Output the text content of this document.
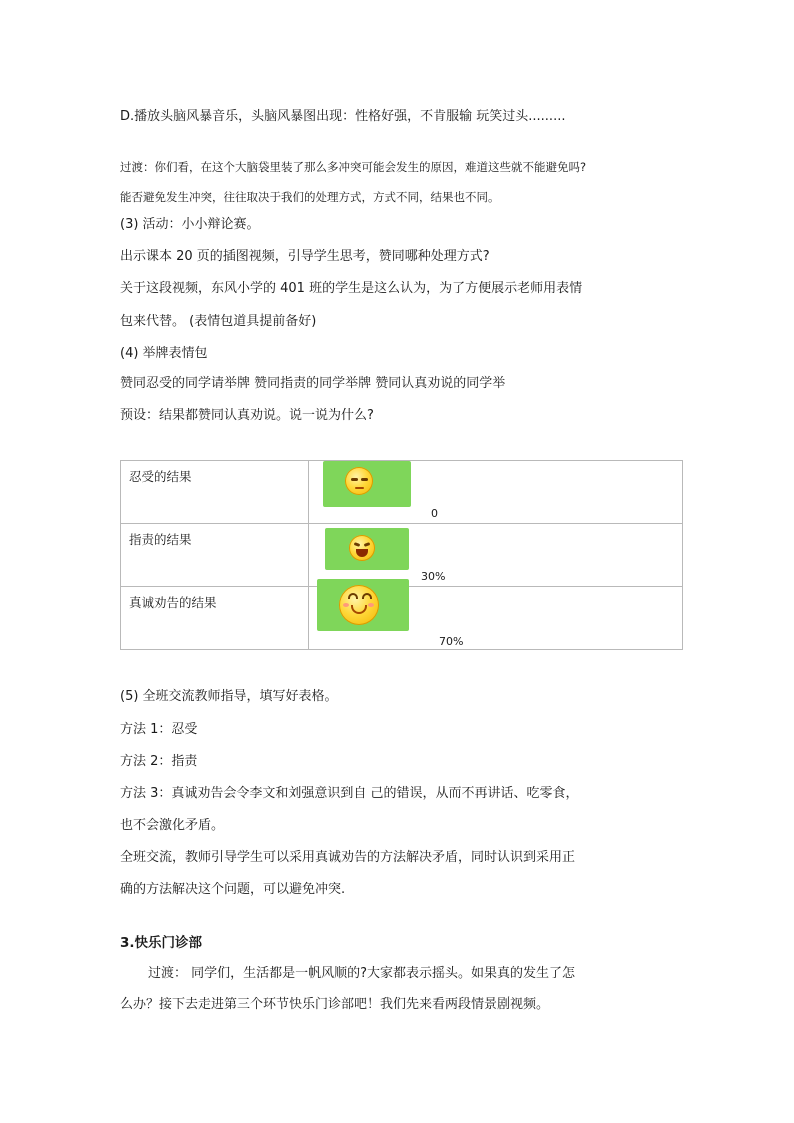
D.播放头脑风暴音乐，头脑风暴图出现：性格好强，不肯服输 玩笑过头.........
过渡：你们看，在这个大脑袋里装了那么多冲突可能会发生的原因，难道这些就不能避免吗?
能否避免发生冲突，往往取决于我们的处理方式，方式不同，结果也不同。
(3) 活动：小小辩论赛。
出示课本 20 页的插图视频，引导学生思考，赞同哪种处理方式?
关于这段视频，东风小学的 401 班的学生是这么认为，为了方便展示老师用表情
包来代替。 (表情包道具提前备好)
(4) 举牌表情包
赞同忍受的同学请举牌 赞同指责的同学举牌 赞同认真劝说的同学举
预设：结果都赞同认真劝说。说一说为什么?
忍受的结果	0

指责的结果	30%

真诚劝告的结果	70%
(5) 全班交流教师指导，填写好表格。
方法 1：忍受
方法 2：指责
方法 3：真诚劝告会令李文和刘强意识到自 己的错误，从而不再讲话、吃零食，
也不会激化矛盾。
全班交流，教师引导学生可以采用真诚劝告的方法解决矛盾，同时认识到采用正
确的方法解决这个问题，可以避免冲突.
3.快乐门诊部
过渡： 同学们，生活都是一帆风顺的?大家都表示摇头。如果真的发生了怎
么办？接下去走进第三个环节快乐门诊部吧！我们先来看两段情景剧视频。
